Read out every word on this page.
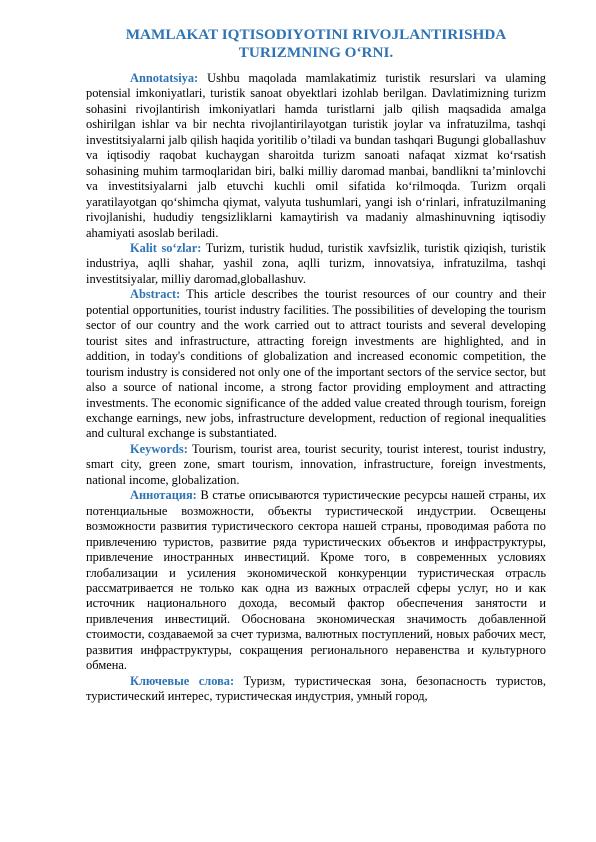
MAMLAKAT IQTISODIYOTINI RIVOJLANTIRISHDA
TURIZMNING O‘RNI.

Annotatsiya: Ushbu maqolada mamlakatimiz turistik resurslari va ulaming potensial imkoniyatlari, turistik sanoat obyektlari izohlab berilgan. Davlatimizning turizm sohasini rivojlantirish imkoniyatlari hamda turistlarni jalb qilish maqsadida amalga oshirilgan ishlar va bir nechta rivojlantirilayotgan turistik joylar va infratuzilma, tashqi investitsiyalarni jalb qilish haqida yoritilib o’tiladi va bundan tashqari Bugungi globallashuv va iqtisodiy raqobat kuchaygan sharoitda turizm sanoati nafaqat xizmat ko‘rsatish sohasining muhim tarmoqlaridan biri, balki milliy daromad manbai, bandlikni ta’minlovchi va investitsiyalarni jalb etuvchi kuchli omil sifatida ko‘rilmoqda. Turizm orqali yaratilayotgan qo‘shimcha qiymat, valyuta tushumlari, yangi ish o‘rinlari, infratuzilmaning rivojlanishi, hududiy tengsizliklarni kamaytirish va madaniy almashinuvning iqtisodiy ahamiyati asoslab beriladi.

Kalit so‘zlar: Turizm, turistik hudud, turistik xavfsizlik, turistik qiziqish, turistik industriya, aqlli shahar, yashil zona, aqlli turizm, innovatsiya, infratuzilma, tashqi investitsiyalar, milliy daromad,globallashuv.

Abstract: This article describes the tourist resources of our country and their potential opportunities, tourist industry facilities. The possibilities of developing the tourism sector of our country and the work carried out to attract tourists and several developing tourist sites and infrastructure, attracting foreign investments are highlighted, and in addition, in today's conditions of globalization and increased economic competition, the tourism industry is considered not only one of the important sectors of the service sector, but also a source of national income, a strong factor providing employment and attracting investments. The economic significance of the added value created through tourism, foreign exchange earnings, new jobs, infrastructure development, reduction of regional inequalities and cultural exchange is substantiated.

Keywords: Tourism, tourist area, tourist security, tourist interest, tourist industry, smart city, green zone, smart tourism, innovation, infrastructure, foreign investments, national income, globalization.

Аннотация: В статье описываются туристические ресурсы нашей страны, их потенциальные возможности, объекты туристической индустрии. Освещены возможности развития туристического сектора нашей страны, проводимая работа по привлечению туристов, развитие ряда туристических объектов и инфраструктуры, привлечение иностранных инвестиций. Кроме того, в современных условиях глобализации и усиления экономической конкуренции туристическая отрасль рассматривается не только как одна из важных отраслей сферы услуг, но и как источник национального дохода, весомый фактор обеспечения занятости и привлечения инвестиций. Обоснована экономическая значимость добавленной стоимости, создаваемой за счет туризма, валютных поступлений, новых рабочих мест, развития инфраструктуры, сокращения регионального неравенства и культурного обмена.

Ключевые слова: Туризм, туристическая зона, безопасность туристов, туристический интерес, туристическая индустрия, умный город,
